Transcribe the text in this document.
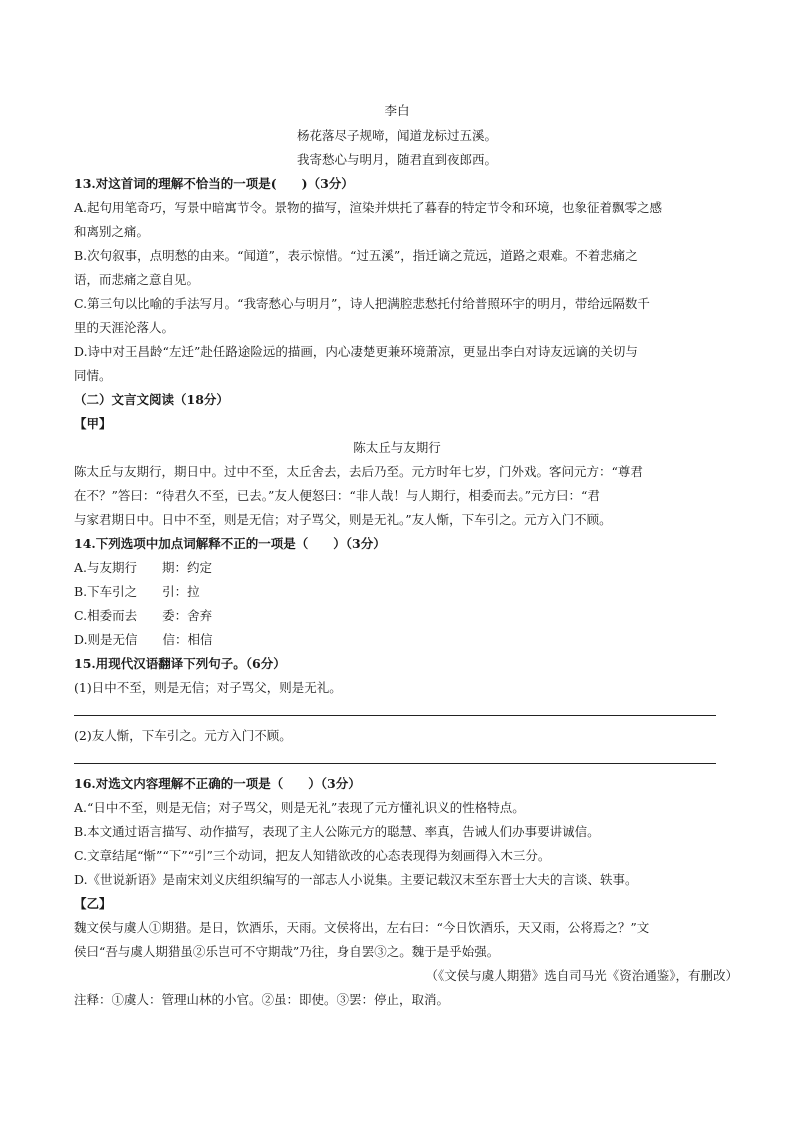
李白
杨花落尽子规啼，闻道龙标过五溪。
我寄愁心与明月，随君直到夜郎西。
13.对这首词的理解不恰当的一项是(　　)（3分）
A.起句用笔奇巧，写景中暗寓节令。景物的描写，渲染并烘托了暮春的特定节令和环境，也象征着飘零之感
和离别之痛。
B.次句叙事，点明愁的由来。“闻道”，表示惊惜。“过五溪”，指迁谪之荒远，道路之艰难。不着悲痛之
语，而悲痛之意自见。
C.第三句以比喻的手法写月。“我寄愁心与明月”，诗人把满腔悲愁托付给普照环宇的明月，带给远隔数千
里的天涯沦落人。
D.诗中对王昌龄“左迁”赴任路途险远的描画，内心凄楚更兼环境萧凉，更显出李白对诗友远谪的关切与
同情。
（二）文言文阅读（18分）
【甲】
陈太丘与友期行
陈太丘与友期行，期日中。过中不至，太丘舍去，去后乃至。元方时年七岁，门外戏。客问元方：“尊君
在不？”答曰：“待君久不至，已去。”友人便怒曰：“非人哉！与人期行，相委而去。”元方曰：“君
与家君期日中。日中不至，则是无信；对子骂父，则是无礼。”友人惭，下车引之。元方入门不顾。
14.下列选项中加点词解释不正的一项是（　　）（3分）
A.与友期行　　期：约定
B.下车引之　　引：拉
C.相委而去　　委：舍弃
D.则是无信　　信：相信
15.用现代汉语翻译下列句子。（6分）
(1)日中不至，则是无信；对子骂父，则是无礼。
(2)友人惭，下车引之。元方入门不顾。
16.对选文内容理解不正确的一项是（　　）（3分）
A.“日中不至，则是无信；对子骂父，则是无礼”表现了元方懂礼识义的性格特点。
B.本文通过语言描写、动作描写，表现了主人公陈元方的聪慧、率真，告诫人们办事要讲诚信。
C.文章结尾“惭”“下”“引”三个动词，把友人知错欲改的心态表现得为刻画得入木三分。
D.《世说新语》是南宋刘义庆组织编写的一部志人小说集。主要记载汉末至东晋士大夫的言谈、轶事。
【乙】
魏文侯与虞人①期猎。是日，饮酒乐，天雨。文侯将出，左右曰：“今日饮酒乐，天又雨，公将焉之？”文
侯曰“吾与虞人期猎虽②乐岂可不守期哉”乃往，身自罢③之。魏于是乎始强。
（《文侯与虞人期猎》选自司马光《资治通鉴》，有删改）
注释：①虞人：管理山林的小官。②虽：即使。③罢：停止，取消。
